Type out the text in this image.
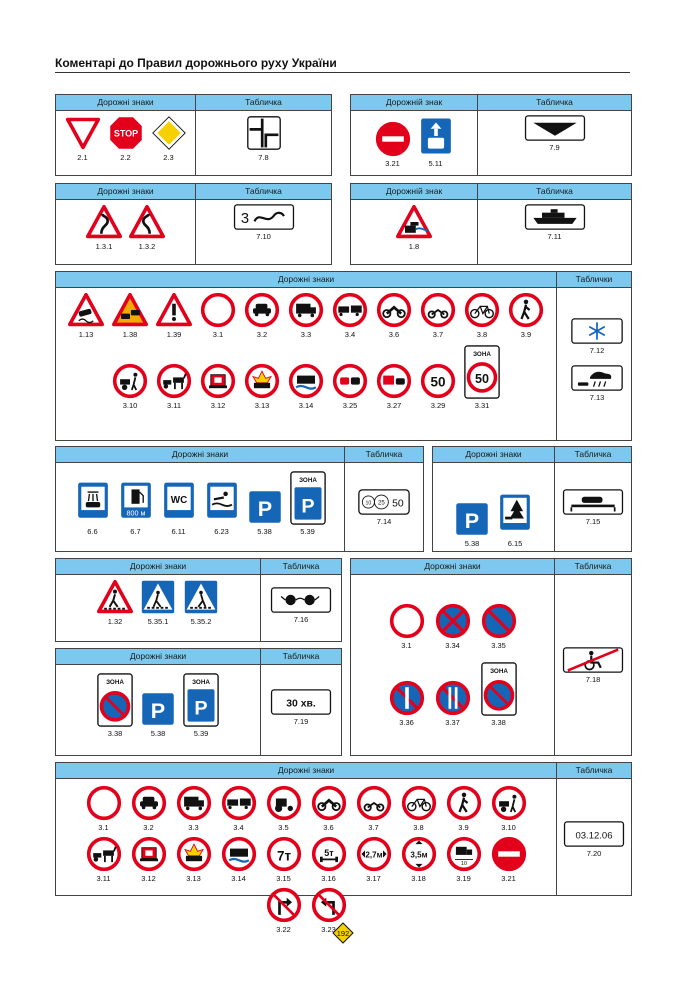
Коментарі до Правил дорожнього руху України
Дорожні знаки
2.1
STOP
2.2	2.3
Табличка
7.8
Дорожній знак
3.21	5.11
Табличка
7.9
Дорожні знаки
1.3.1	1.3.2
Табличка
3
7.10
Дорожній знак
1.8
Табличка
7.11
Дорожні знаки
1.13	1.38	1.39	3.1	3.2	3.3	3.4	3.6	3.7	3.8	3.9
3.10	3.11	3.12	3.13	3.14	3.25	3.27
50
3.29
ЗОНА
50
3.31
Таблички
7.12
7.13
Дорожні знаки
6.6
800 м
6.7
WC
6.11	6.23
P
5.38
ЗОНА
P
5.39
Табличка
10 25 50
7.14
Дорожні знаки
P
5.38	6.15
Табличка
7.15
Дорожні знаки
1.32	5.35.1	5.35.2
Табличка
7.16
Дорожні знаки
ЗОНА
3.38
P
5.38
ЗОНА
P
5.39
Табличка
30 хв.
7.19
Дорожні знаки
3.1	3.34	3.35
3.36	3.37
ЗОНА
3.38
Табличка
7.18
Дорожні знаки
3.1	3.2	3.3	3.4	3.5	3.6	3.7	3.8	3.9	3.10
3.11	3.12	3.13	3.14
7т
3.15
5т
3.16
2,7м
3.17
3,5м
3.18
10
3.19	3.21
3.22	3.23
Табличка
03.12.06
7.20
192
